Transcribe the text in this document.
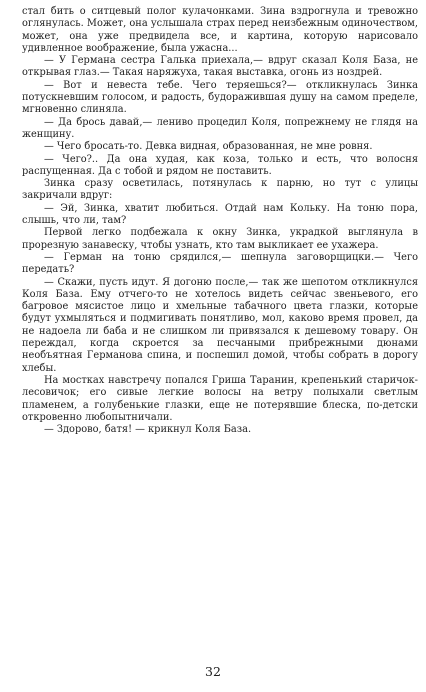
стал бить о ситцевый полог кулачонками. Зина вздрогнула и тревожно оглянулась. Может, она услышала страх перед неизбежным одиночеством, может, она уже предвидела все, и картина, которую нарисовало удивленное воображение, была ужасна...

— У Германа сестра Галька приехала,— вдруг сказал Коля База, не открывая глаз.— Такая наряжуха, такая выставка, огонь из ноздрей.

— Вот и невеста тебе. Чего теряешься?— откликнулась Зинка потускневшим голосом, и радость, будоражившая душу на самом пределе, мгновенно слиняла.

— Да брось давай,— лениво процедил Коля, попрежнему не глядя на женщину.

— Чего бросать-то. Девка видная, образованная, не мне ровня.

— Чего?.. Да она худая, как коза, только и есть, что волосня распущенная. Да с тобой и рядом не поставить.

Зинка сразу осветилась, потянулась к парню, но тут с улицы закричали вдруг:

— Эй, Зинка, хватит любиться. Отдай нам Кольку. На тоню пора, слышь, что ли, там?

Первой легко подбежала к окну Зинка, украдкой выглянула в прорезную занавеску, чтобы узнать, кто там выкликает ее ухажера.

— Герман на тоню срядился,— шепнула заговорщицки.— Чего передать?

— Скажи, пусть идут. Я догоню после,— так же шепотом откликнулся Коля База. Ему отчего-то не хотелось видеть сейчас звеньевого, его багровое мясистое лицо и хмельные табачного цвета глазки, которые будут ухмыляться и подмигивать понятливо, мол, каково время провел, да не надоела ли баба и не слишком ли привязался к дешевому товару. Он переждал, когда скроется за песчаными прибрежными дюнами необъятная Германова спина, и поспешил домой, чтобы собрать в дорогу хлебы.

На мостках навстречу попался Гриша Таранин, крепенький старичок-лесовичок; его сивые легкие волосы на ветру полыхали светлым пламенем, а голубенькие глазки, еще не потерявшие блеска, по-детски откровенно любопытничали.

— Здорово, батя! — крикнул Коля База.

32
